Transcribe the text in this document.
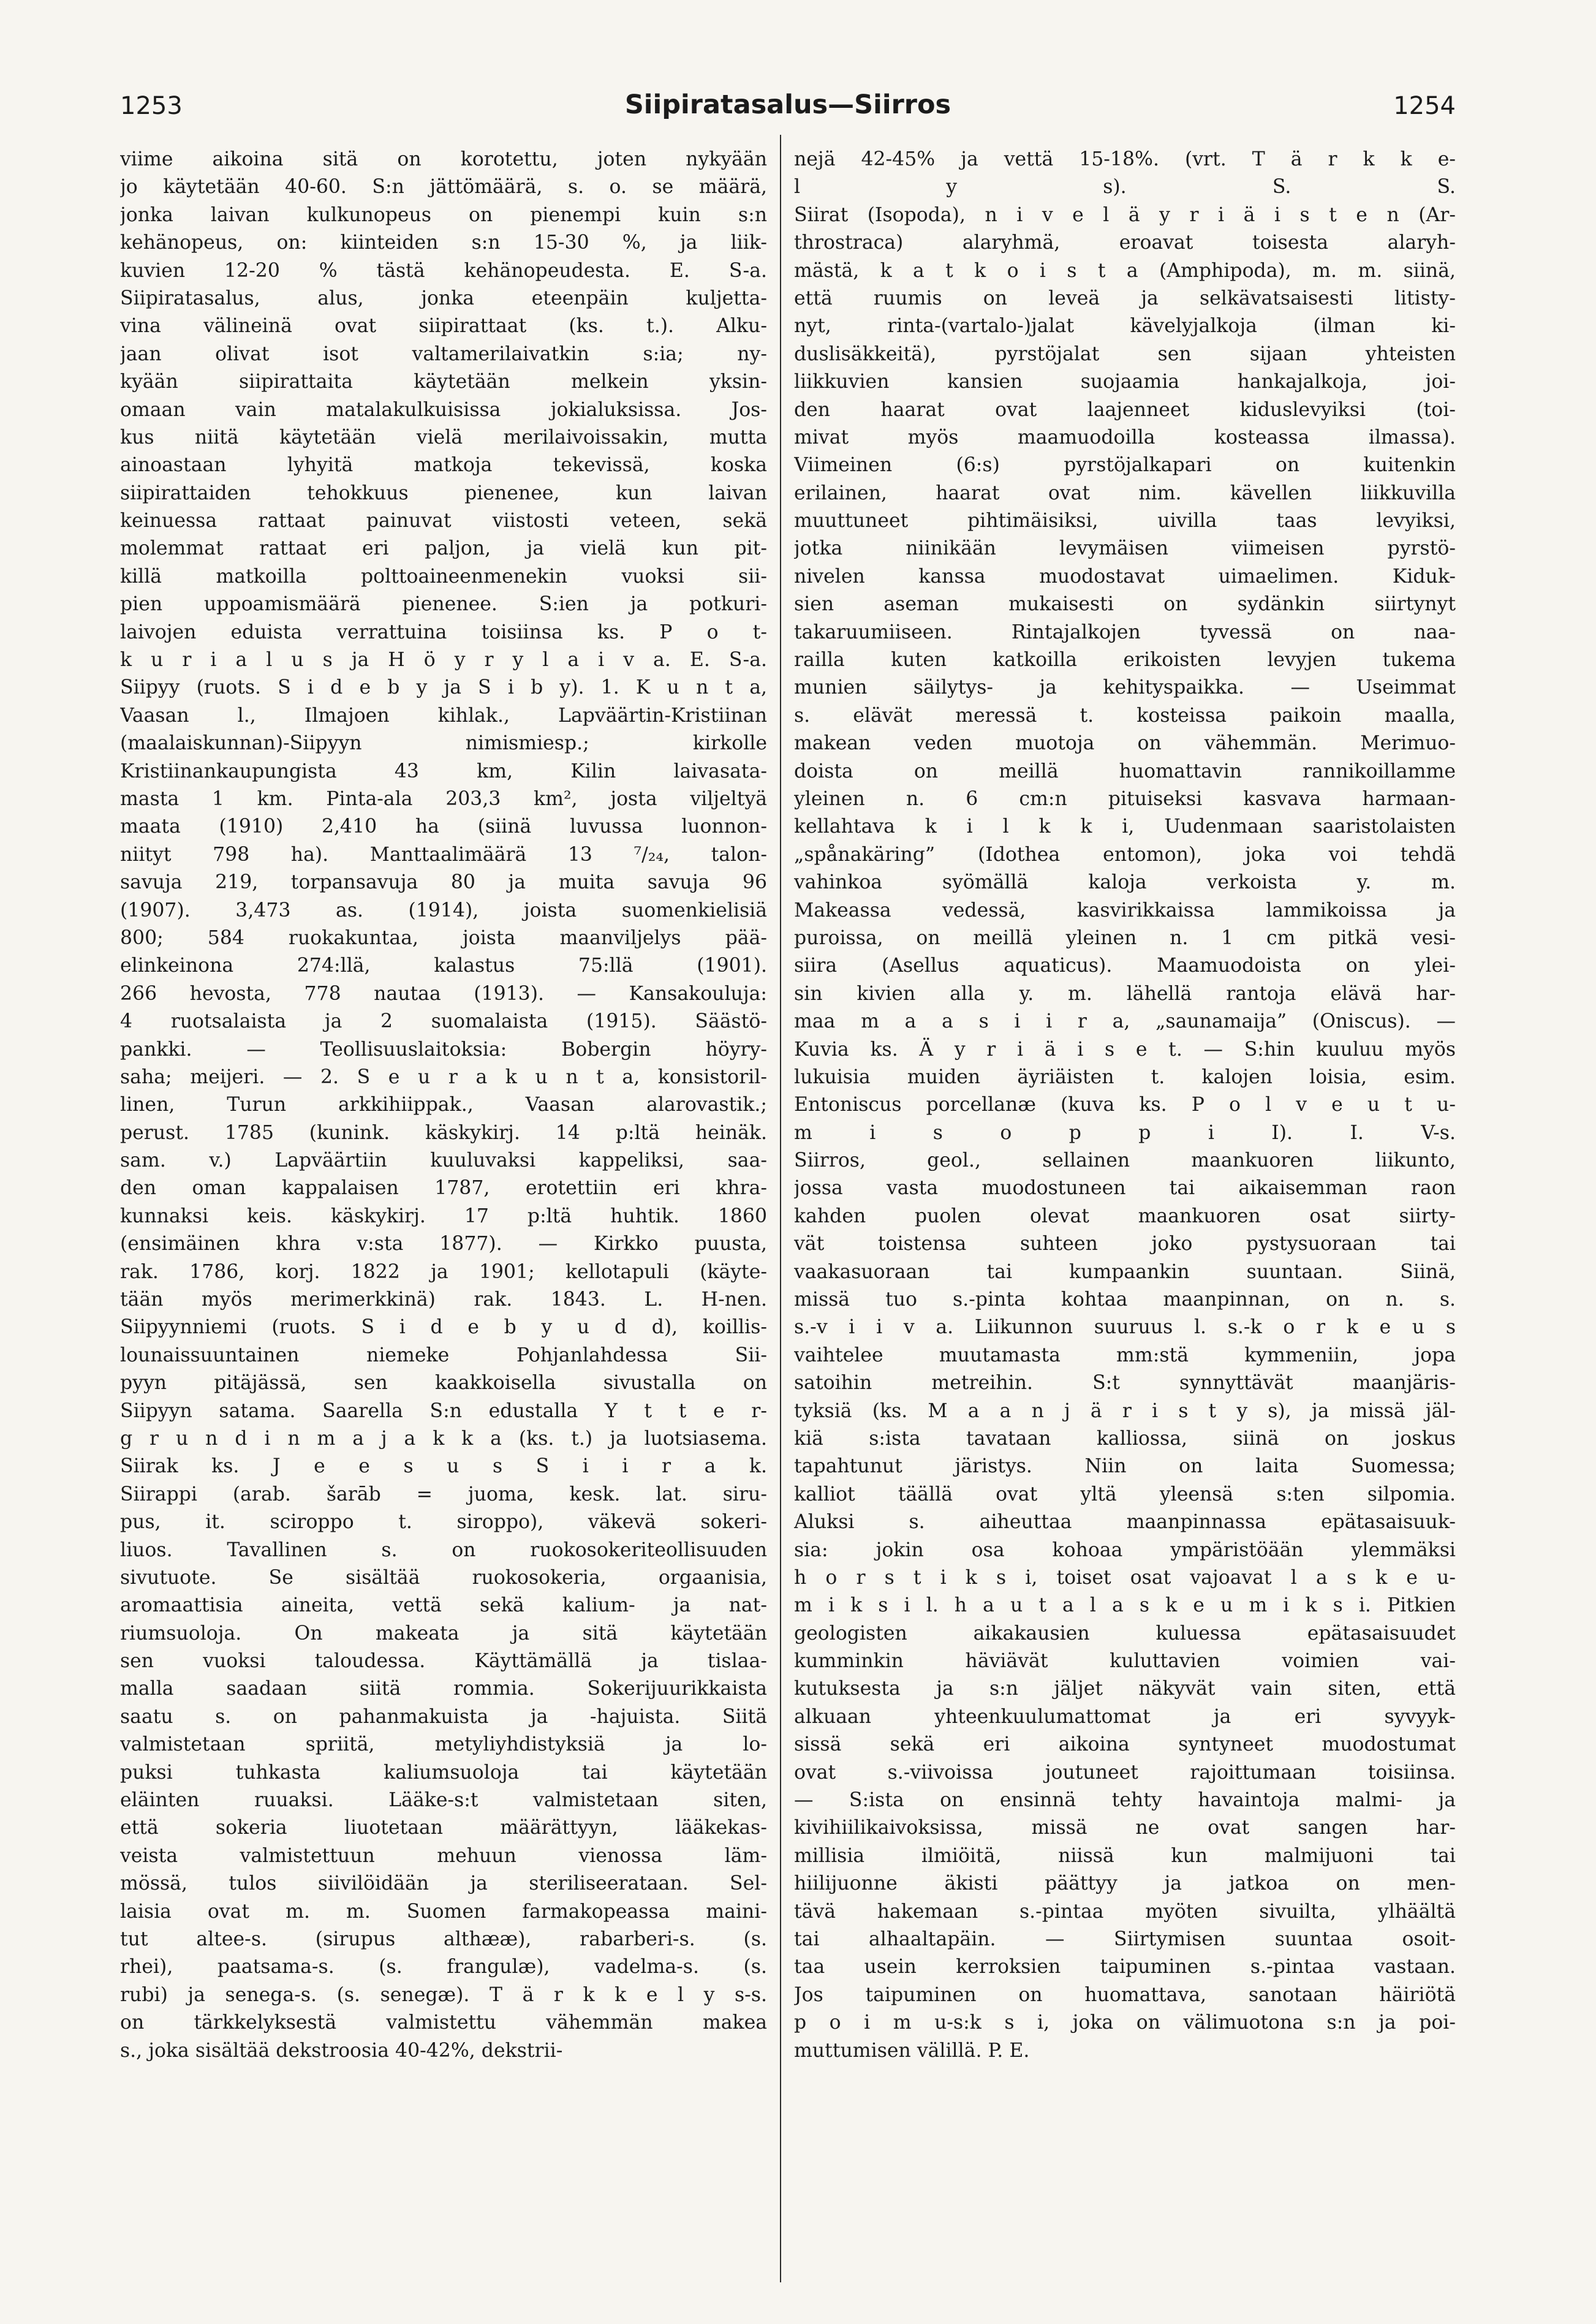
1253	Siipiratasalus—Siirros	1254
viime aikoina sitä on korotettu, joten nykyään
jo käytetään 40-60. S:n jättömäärä, s. o. se määrä,
jonka laivan kulkunopeus on pienempi kuin s:n
kehänopeus, on: kiinteiden s:n 15-30 %, ja liik-
kuvien 12-20 % tästä kehänopeudesta. E. S-a.
Siipiratasalus, alus, jonka eteenpäin kuljetta-
vina välineinä ovat siipirattaat (ks. t.). Alku-
jaan olivat isot valtamerilaivatkin s:ia; ny-
kyään siipirattaita käytetään melkein yksin-
omaan vain matalakulkuisissa jokialuksissa. Jos-
kus niitä käytetään vielä merilaivoissakin, mutta
ainoastaan lyhyitä matkoja tekevissä, koska
siipirattaiden tehokkuus pienenee, kun laivan
keinuessa rattaat painuvat viistosti veteen, sekä
molemmat rattaat eri paljon, ja vielä kun pit-
killä matkoilla polttoaineenmenekin vuoksi sii-
pien uppoamismäärä pienenee. S:ien ja potkuri-
laivojen eduista verrattuina toisiinsa ks. P o t-
k u r i a l u s ja H ö y r y l a i v a. E. S-a.
Siipyy (ruots. S i d e b y ja S i b y). 1. K u n t a,
Vaasan l., Ilmajoen kihlak., Lapväärtin-Kristiinan
(maalaiskunnan)-Siipyyn nimismiesp.; kirkolle
Kristiinankaupungista 43 km, Kilin laivasata-
masta 1 km. Pinta-ala 203,3 km², josta viljeltyä
maata (1910) 2,410 ha (siinä luvussa luonnon-
niityt 798 ha). Manttaalimäärä 13 ⁷/₂₄, talon-
savuja 219, torpansavuja 80 ja muita savuja 96
(1907). 3,473 as. (1914), joista suomenkielisiä
800; 584 ruokakuntaa, joista maanviljelys pää-
elinkeinona 274:llä, kalastus 75:llä (1901).
266 hevosta, 778 nautaa (1913). — Kansakouluja:
4 ruotsalaista ja 2 suomalaista (1915). Säästö-
pankki. — Teollisuuslaitoksia: Bobergin höyry-
saha; meijeri. — 2. S e u r a k u n t a, konsistoril-
linen, Turun arkkihiippak., Vaasan alarovastik.;
perust. 1785 (kunink. käskykirj. 14 p:ltä heinäk.
sam. v.) Lapväärtiin kuuluvaksi kappeliksi, saa-
den oman kappalaisen 1787, erotettiin eri khra-
kunnaksi keis. käskykirj. 17 p:ltä huhtik. 1860
(ensimäinen khra v:sta 1877). — Kirkko puusta,
rak. 1786, korj. 1822 ja 1901; kellotapuli (käyte-
tään myös merimerkkinä) rak. 1843. L. H-nen.
Siipyynniemi (ruots. S i d e b y u d d), koillis-
lounaissuuntainen niemeke Pohjanlahdessa Sii-
pyyn pitäjässä, sen kaakkoisella sivustalla on
Siipyyn satama. Saarella S:n edustalla Y t t e r-
g r u n d i n m a j a k k a (ks. t.) ja luotsiasema.
Siirak ks. J e e s u s S i i r a k.
Siirappi (arab. šarāb = juoma, kesk. lat. siru-
pus, it. sciroppo t. siroppo), väkevä sokeri-
liuos. Tavallinen s. on ruokosokeriteollisuuden
sivutuote. Se sisältää ruokosokeria, orgaanisia,
aromaattisia aineita, vettä sekä kalium- ja nat-
riumsuoloja. On makeata ja sitä käytetään
sen vuoksi taloudessa. Käyttämällä ja tislaa-
malla saadaan siitä rommia. Sokerijuurikkaista
saatu s. on pahanmakuista ja -hajuista. Siitä
valmistetaan spriitä, metyliyhdistyksiä ja lo-
puksi tuhkasta kaliumsuoloja tai käytetään
eläinten ruuaksi. Lääke-s:t valmistetaan siten,
että sokeria liuotetaan määrättyyn, lääkekas-
veista valmistettuun mehuun vienossa läm-
mössä, tulos siivilöidään ja steriliseerataan. Sel-
laisia ovat m. m. Suomen farmakopeassa maini-
tut altee-s. (sirupus althææ), rabarberi-s. (s.
rhei), paatsama-s. (s. frangulæ), vadelma-s. (s.
rubi) ja senega-s. (s. senegæ). T ä r k k e l y s-s.
on tärkkelyksestä valmistettu vähemmän makea
s., joka sisältää dekstroosia 40-42%, dekstrii-
nejä 42-45% ja vettä 15-18%. (vrt. T ä r k k e-
l y s). S. S.
Siirat (Isopoda), n i v e l ä y r i ä i s t e n (Ar-
throstraca) alaryhmä, eroavat toisesta alaryh-
mästä, k a t k o i s t a (Amphipoda), m. m. siinä,
että ruumis on leveä ja selkävatsaisesti litisty-
nyt, rinta-(vartalo-)jalat kävelyjalkoja (ilman ki-
duslisäkkeitä), pyrstöjalat sen sijaan yhteisten
liikkuvien kansien suojaamia hankajalkoja, joi-
den haarat ovat laajenneet kiduslevyiksi (toi-
mivat myös maamuodoilla kosteassa ilmassa).
Viimeinen (6:s) pyrstöjalkapari on kuitenkin
erilainen, haarat ovat nim. kävellen liikkuvilla
muuttuneet pihtimäisiksi, uivilla taas levyiksi,
jotka niinikään levymäisen viimeisen pyrstö-
nivelen kanssa muodostavat uimaelimen. Kiduk-
sien aseman mukaisesti on sydänkin siirtynyt
takaruumiiseen. Rintajalkojen tyvessä on naa-
railla kuten katkoilla erikoisten levyjen tukema
munien säilytys- ja kehityspaikka. — Useimmat
s. elävät meressä t. kosteissa paikoin maalla,
makean veden muotoja on vähemmän. Merimuo-
doista on meillä huomattavin rannikoillamme
yleinen n. 6 cm:n pituiseksi kasvava harmaan-
kellahtava k i l k k i, Uudenmaan saaristolaisten
„spånakäring” (Idothea entomon), joka voi tehdä
vahinkoa syömällä kaloja verkoista y. m.
Makeassa vedessä, kasvirikkaissa lammikoissa ja
puroissa, on meillä yleinen n. 1 cm pitkä vesi-
siira (Asellus aquaticus). Maamuodoista on ylei-
sin kivien alla y. m. lähellä rantoja elävä har-
maa m a a s i i r a, „saunamaija” (Oniscus). —
Kuvia ks. Ä y r i ä i s e t. — S:hin kuuluu myös
lukuisia muiden äyriäisten t. kalojen loisia, esim.
Entoniscus porcellanæ (kuva ks. P o l v e u t u-
m i s o p p i I). I. V-s.
Siirros, geol., sellainen maankuoren liikunto,
jossa vasta muodostuneen tai aikaisemman raon
kahden puolen olevat maankuoren osat siirty-
vät toistensa suhteen joko pystysuoraan tai
vaakasuoraan tai kumpaankin suuntaan. Siinä,
missä tuo s.-pinta kohtaa maanpinnan, on n. s.
s.-v i i v a. Liikunnon suuruus l. s.-k o r k e u s
vaihtelee muutamasta mm:stä kymmeniin, jopa
satoihin metreihin. S:t synnyttävät maanjäris-
tyksiä (ks. M a a n j ä r i s t y s), ja missä jäl-
kiä s:ista tavataan kalliossa, siinä on joskus
tapahtunut järistys. Niin on laita Suomessa;
kalliot täällä ovat yltä yleensä s:ten silpomia.
Aluksi s. aiheuttaa maanpinnassa epätasaisuuk-
sia: jokin osa kohoaa ympäristöään ylemmäksi
h o r s t i k s i, toiset osat vajoavat l a s k e u-
m i k s i l. h a u t a l a s k e u m i k s i. Pitkien
geologisten aikakausien kuluessa epätasaisuudet
kumminkin häviävät kuluttavien voimien vai-
kutuksesta ja s:n jäljet näkyvät vain siten, että
alkuaan yhteenkuulumattomat ja eri syvyyk-
sissä sekä eri aikoina syntyneet muodostumat
ovat s.-viivoissa joutuneet rajoittumaan toisiinsa.
— S:ista on ensinnä tehty havaintoja malmi- ja
kivihiilikaivoksissa, missä ne ovat sangen har-
millisia ilmiöitä, niissä kun malmijuoni tai
hiilijuonne äkisti päättyy ja jatkoa on men-
tävä hakemaan s.-pintaa myöten sivuilta, ylhäältä
tai alhaaltapäin. — Siirtymisen suuntaa osoit-
taa usein kerroksien taipuminen s.-pintaa vastaan.
Jos taipuminen on huomattava, sanotaan häiriötä
p o i m u-s:k s i, joka on välimuotona s:n ja poi-
muttumisen välillä. P. E.
